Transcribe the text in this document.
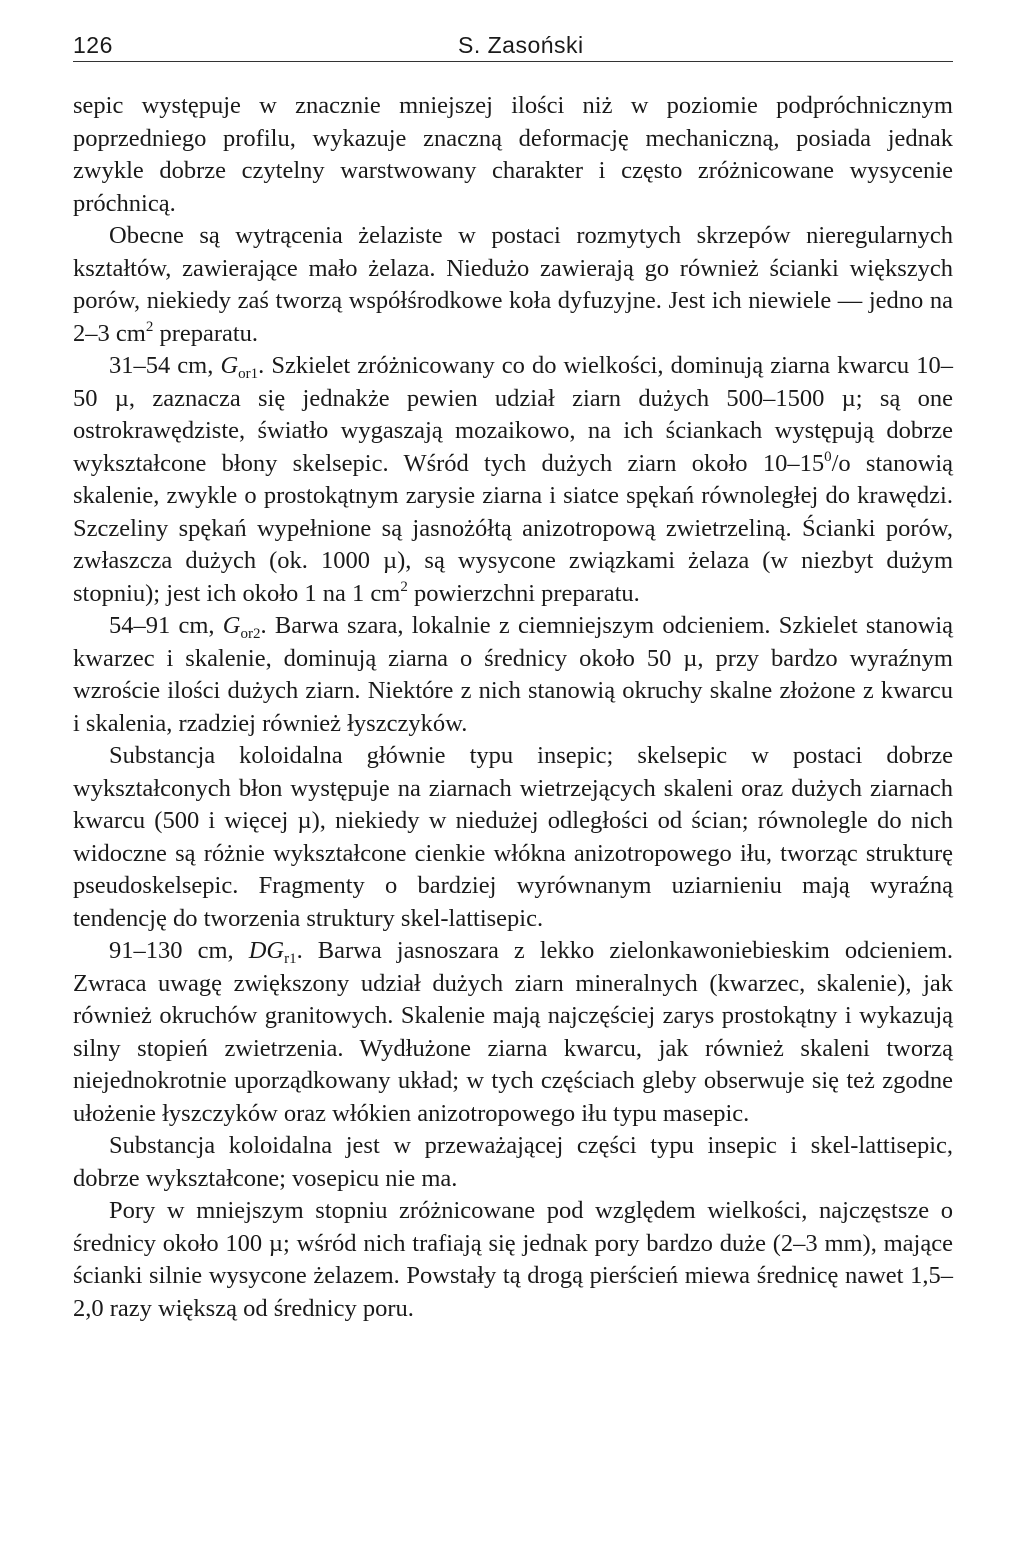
126	S. Zasoński

sepic występuje w znacznie mniejszej ilości niż w poziomie podpróchnicznym poprzedniego profilu, wykazuje znaczną deformację mechaniczną, posiada jednak zwykle dobrze czytelny warstwowany charakter i często zróżnicowane wysycenie próchnicą.

Obecne są wytrącenia żelaziste w postaci rozmytych skrzepów nieregularnych kształtów, zawierające mało żelaza. Niedużo zawierają go również ścianki większych porów, niekiedy zaś tworzą współśrodkowe koła dyfuzyjne. Jest ich niewiele — jedno na 2–3 $cm^2$ preparatu.

31–54 cm, $G_{or1}$. Szkielet zróżnicowany co do wielkości, dominują ziarna kwarcu 10–50 µ, zaznacza się jednakże pewien udział ziarn dużych 500–1500 µ; są one ostrokrawędziste, światło wygaszają mozaikowo, na ich ściankach występują dobrze wykształcone błony skelsepic. Wśród tych dużych ziarn około $10-15^0/o$ stanowią skalenie, zwykle o prostokątnym zarysie ziarna i siatce spękań równoległej do krawędzi. Szczeliny spękań wypełnione są jasnożółtą anizotropową zwietrzeliną. Ścianki porów, zwłaszcza dużych (ok. 1000 µ), są wysycone związkami żelaza (w niezbyt dużym stopniu); jest ich około 1 na 1 $cm^2$ powierzchni preparatu.

54–91 cm, $G_{or2}$. Barwa szara, lokalnie z ciemniejszym odcieniem. Szkielet stanowią kwarzec i skalenie, dominują ziarna o średnicy około 50 µ, przy bardzo wyraźnym wzroście ilości dużych ziarn. Niektóre z nich stanowią okruchy skalne złożone z kwarcu i skalenia, rzadziej również łyszczyków.

Substancja koloidalna głównie typu insepic; skelsepic w postaci dobrze wykształconych błon występuje na ziarnach wietrzejących skaleni oraz dużych ziarnach kwarcu (500 i więcej µ), niekiedy w niedużej odległości od ścian; równolegle do nich widoczne są różnie wykształcone cienkie włókna anizotropowego iłu, tworząc strukturę pseudoskelsepic. Fragmenty o bardziej wyrównanym uziarnieniu mają wyraźną tendencję do tworzenia struktury skel-lattisepic.

91–130 cm, $DG_{r1}$. Barwa jasnoszara z lekko zielonkawoniebieskim odcieniem. Zwraca uwagę zwiększony udział dużych ziarn mineralnych (kwarzec, skalenie), jak również okruchów granitowych. Skalenie mają najczęściej zarys prostokątny i wykazują silny stopień zwietrzenia. Wydłużone ziarna kwarcu, jak również skaleni tworzą niejednokrotnie uporządkowany układ; w tych częściach gleby obserwuje się też zgodne ułożenie łyszczyków oraz włókien anizotropowego iłu typu masepic.

Substancja koloidalna jest w przeważającej części typu insepic i skel-lattisepic, dobrze wykształcone; vosepicu nie ma.

Pory w mniejszym stopniu zróżnicowane pod względem wielkości, najczęstsze o średnicy około 100 µ; wśród nich trafiają się jednak pory bardzo duże (2–3 mm), mające ścianki silnie wysycone żelazem. Powstały tą drogą pierścień miewa średnicę nawet 1,5–2,0 razy większą od średnicy poru.
